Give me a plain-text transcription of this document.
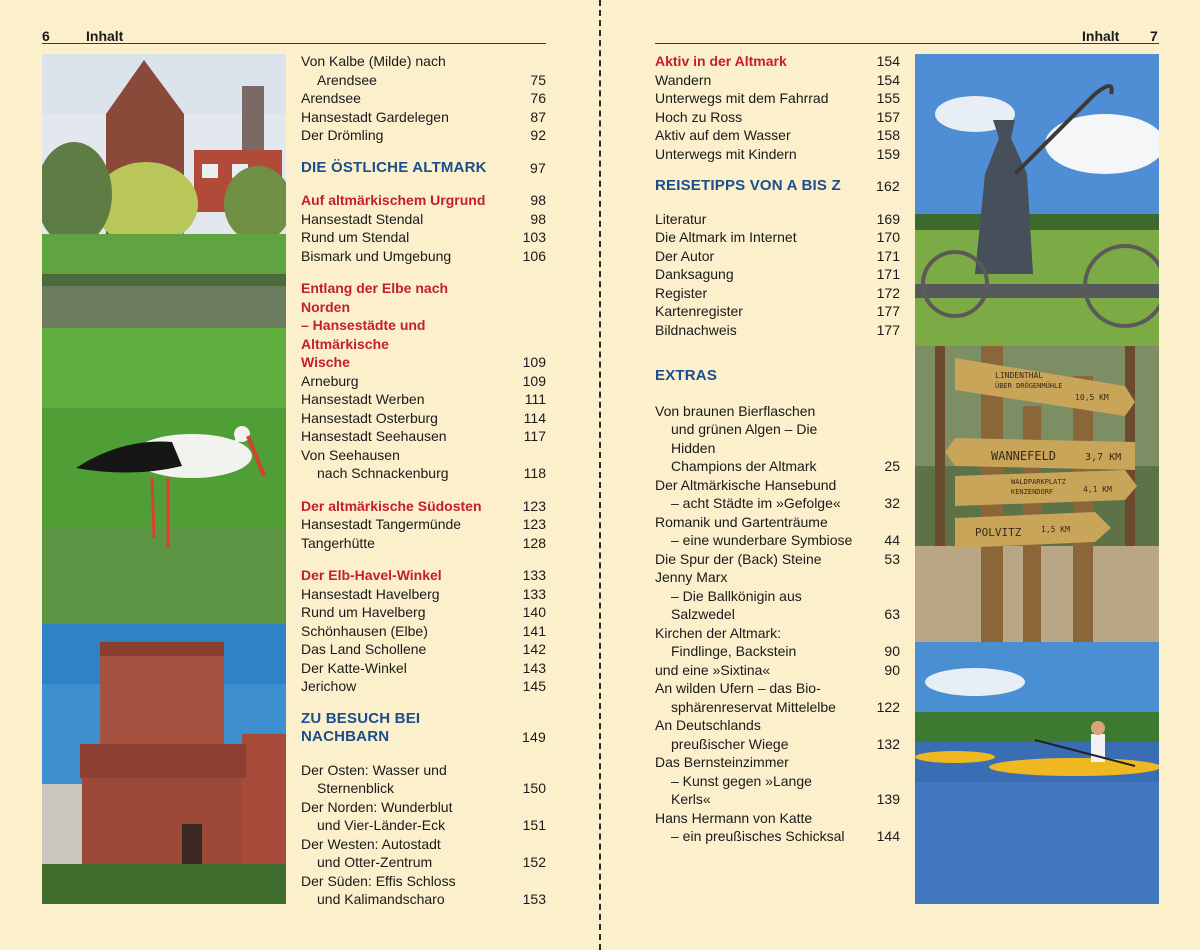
6	Inhalt
Von Kalbe (Milde) nach
Arendsee	75
Arendsee	76
Hansestadt Gardelegen	87
Der Drömling	92
DIE ÖSTLICHE ALTMARK	97
Auf altmärkischem Urgrund	98
Hansestadt Stendal	98
Rund um Stendal	103
Bismark und Umgebung	106
Entlang der Elbe nach Norden
– Hansestädte und Altmärkische
Wische	109
Arneburg	109
Hansestadt Werben	111
Hansestadt Osterburg	114
Hansestadt Seehausen	117
Von Seehausen
nach Schnackenburg	118
Der altmärkische Südosten	123
Hansestadt Tangermünde	123
Tangerhütte	128
Der Elb-Havel-Winkel	133
Hansestadt Havelberg	133
Rund um Havelberg	140
Schönhausen (Elbe)	141
Das Land Schollene	142
Der Katte-Winkel	143
Jerichow	145
ZU BESUCH BEI NACHBARN	149
Der Osten: Wasser und
Sternenblick	150
Der Norden: Wunderblut
und Vier-Länder-Eck	151
Der Westen: Autostadt
und Otter-Zentrum	152
Der Süden: Effis Schloss
und Kalimandscharo	153
Inhalt 7
Aktiv in der Altmark	154
Wandern	154
Unterwegs mit dem Fahrrad	155
Hoch zu Ross	157
Aktiv auf dem Wasser	158
Unterwegs mit Kindern	159
REISETIPPS VON A BIS Z	162
Literatur	169
Die Altmark im Internet	170
Der Autor	171
Danksagung	171
Register	172
Kartenregister	177
Bildnachweis	177
EXTRAS
Von braunen Bierflaschen
und grünen Algen – Die Hidden
Champions der Altmark	25
Der Altmärkische Hansebund
– acht Städte im »Gefolge«	32
Romanik und Gartenträume
– eine wunderbare Symbiose	44
Die Spur der (Back) Steine	53
Jenny Marx
– Die Ballkönigin aus Salzwedel	63
Kirchen der Altmark:
Findlinge, Backstein	90
und eine »Sixtina«	90
An wilden Ufern – das Bio-
sphärenreservat Mittelelbe	122
An Deutschlands
preußischer Wiege	132
Das Bernsteinzimmer
– Kunst gegen »Lange Kerls«	139
Hans Hermann von Katte
– ein preußisches Schicksal	144
LINDENTHAL
ÜBER DRÖGENMÜHLE
10,5 KM
WANNEFELD	3,7 KM
WALDPARKPLATZ
KENZENDORF	4,1 KM
POLVITZ 1,5 KM
